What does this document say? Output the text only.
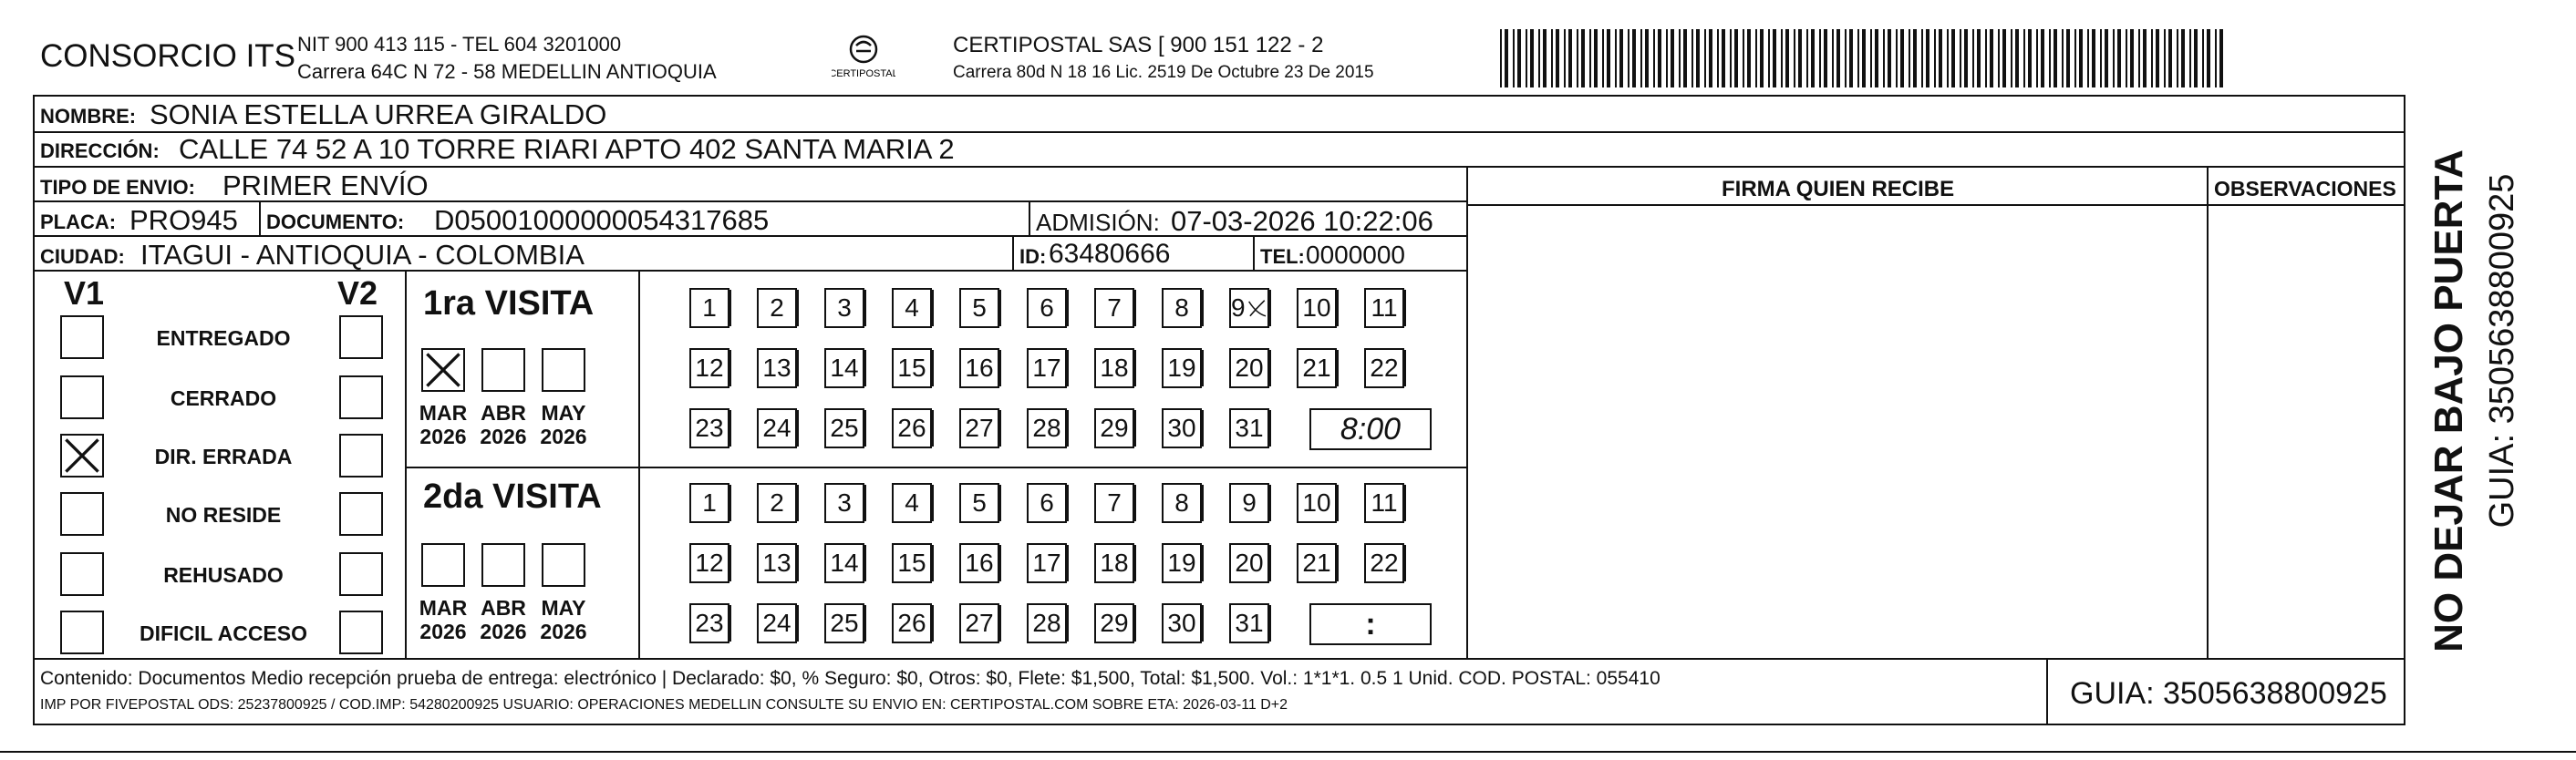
CONSORCIO ITS NIT 900 413 115 - TEL 604 3201000
Carrera 64C N 72 - 58 MEDELLIN ANTIOQUIA	CERTIPOSTAL
CERTIPOSTAL SAS [ 900 151 122 - 2
Carrera 80d N 18 16 Lic. 2519 De Octubre 23 De 2015
NOMBRE: SONIA ESTELLA URREA GIRALDO
DIRECCIÓN: CALLE 74 52 A 10 TORRE RIARI APTO 402 SANTA MARIA 2
TIPO DE ENVIO: PRIMER ENVÍO	FIRMA QUIEN RECIBE	OBSERVACIONES
PLACA: PRO945 DOCUMENTO: D05001000000054317685	ADMISIÓN: 07-03-2026 10:22:06
CIUDAD: ITAGUI - ANTIOQUIA - COLOMBIA	ID: 63480666	TEL: 0000000
V1	V2
ENTREGADO
CERRADO
DIR. ERRADA
NO RESIDE
REHUSADO
DIFICIL ACCESO
1ra VISITA
2da VISITA
MAR
2026
ABR
2026
MAY
2026
1 2 3 4 5 6 7 8 9 10 11
12 13 14 15 16 17 18 19 20 21 22
23 24 25 26 27 28 29 30 31 8:00
MAR
2026
ABR
2026
MAY
2026
1 2 3 4 5 6 7 8 9 10 11
12 13 14 15 16 17 18 19 20 21 22
23 24 25 26 27 28 29 30 31	:
Contenido: Documentos Medio recepción prueba de entrega: electrónico | Declarado: $0, % Seguro: $0, Otros: $0, Flete: $1,500, Total: $1,500. Vol.: 1*1*1. 0.5 1 Unid. COD. POSTAL: 055410
IMP POR FIVEPOSTAL ODS: 25237800925 / COD.IMP: 54280200925 USUARIO: OPERACIONES MEDELLIN CONSULTE SU ENVIO EN: CERTIPOSTAL.COM SOBRE ETA: 2026-03-11 D+2	GUIA: 3505638800925
NO DEJAR BAJO PUERTA GUIA: 3505638800925
